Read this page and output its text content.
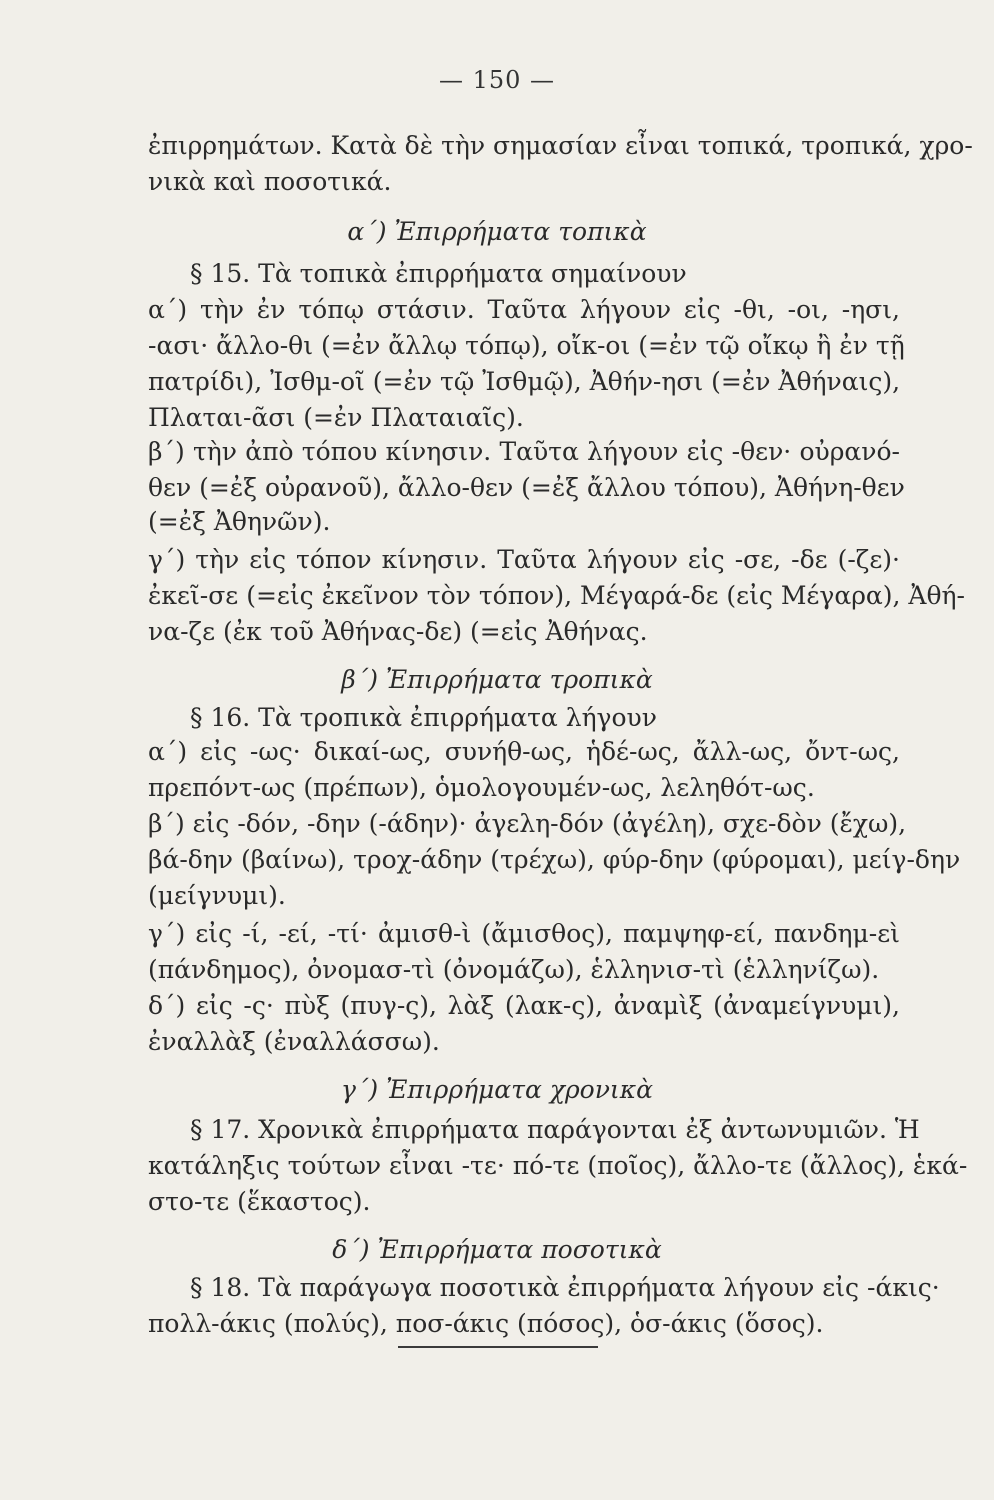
— 150 —
ἐπιρρημάτων. Κατὰ δὲ τὴν σημασίαν εἶναι τοπικά, τροπικά, χρο-
νικὰ καὶ ποσοτικά.
α΄) Ἐπιρρήματα τοπικὰ
§ 15. Τὰ τοπικὰ ἐπιρρήματα σημαίνουν
α΄) τὴν ἐν τόπῳ στάσιν. Ταῦτα λήγουν εἰς -θι, -οι, -ησι,
-ασι· ἄλλο-θι (=ἐν ἄλλῳ τόπῳ), οἴκ-οι (=ἐν τῷ οἴκῳ ἢ ἐν τῇ
πατρίδι), Ἰσθμ-οῖ (=ἐν τῷ Ἰσθμῷ), Ἀθήν-ησι (=ἐν Ἀθήναις),
Πλαται-ᾶσι (=ἐν Πλαταιαῖς).
β΄) τὴν ἀπὸ τόπου κίνησιν. Ταῦτα λήγουν εἰς -θεν· οὐρανό-
θεν (=ἐξ οὐρανοῦ), ἄλλο-θεν (=ἐξ ἄλλου τόπου), Ἀθήνη-θεν
(=ἐξ Ἀθηνῶν).
γ΄) τὴν εἰς τόπον κίνησιν. Ταῦτα λήγουν εἰς -σε, -δε (-ζε)·
ἐκεῖ-σε (=εἰς ἐκεῖνον τὸν τόπον), Μέγαρά-δε (εἰς Μέγαρα), Ἀθή-
να-ζε (ἐκ τοῦ Ἀθήνας-δε) (=εἰς Ἀθήνας.
β΄) Ἐπιρρήματα τροπικὰ
§ 16. Τὰ τροπικὰ ἐπιρρήματα λήγουν
α΄) εἰς -ως· δικαί-ως, συνήθ-ως, ἡδέ-ως, ἄλλ-ως, ὄντ-ως,
πρεπόντ-ως (πρέπων), ὁμολογουμέν-ως, λεληθότ-ως.
β΄) εἰς -δόν, -δην (-άδην)· ἀγελη-δόν (ἀγέλη), σχε-δὸν (ἔχω),
βά-δην (βαίνω), τροχ-άδην (τρέχω), φύρ-δην (φύρομαι), μείγ-δην
(μείγνυμι).
γ΄) εἰς -ί, -εί, -τί· ἀμισθ-ὶ (ἄμισθος), παμψηφ-εί, πανδημ-εὶ
(πάνδημος), ὀνομασ-τὶ (ὀνομάζω), ἑλληνισ-τὶ (ἑλληνίζω).
δ΄) εἰς -ς· πὺξ (πυγ-ς), λὰξ (λακ-ς), ἀναμὶξ (ἀναμείγνυμι),
ἐναλλὰξ (ἐναλλάσσω).
γ΄) Ἐπιρρήματα χρονικὰ
§ 17. Χρονικὰ ἐπιρρήματα παράγονται ἐξ ἀντωνυμιῶν. Ἡ
κατάληξις τούτων εἶναι -τε· πό-τε (ποῖος), ἄλλο-τε (ἄλλος), ἑκά-
στο-τε (ἕκαστος).
δ΄) Ἐπιρρήματα ποσοτικὰ
§ 18. Τὰ παράγωγα ποσοτικὰ ἐπιρρήματα λήγουν εἰς -άκις·
πολλ-άκις (πολύς), ποσ-άκις (πόσος), ὁσ-άκις (ὅσος).
